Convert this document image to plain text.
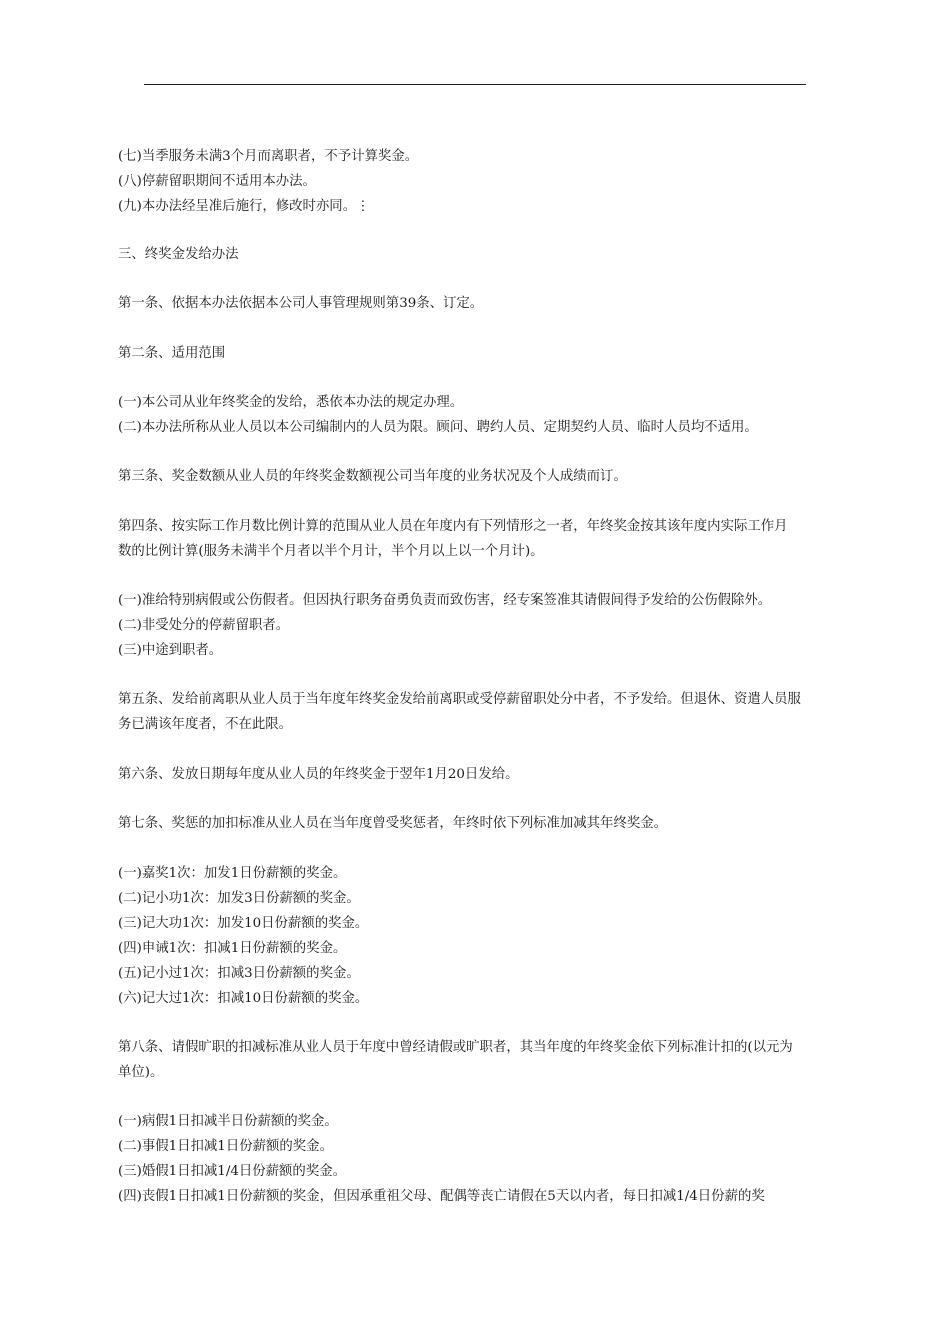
(七)当季服务未满3个月而离职者，不予计算奖金。
(八)停薪留职期间不适用本办法。
(九)本办法经呈准后施行，修改时亦同。⋮
三、终奖金发给办法
第一条、依据本办法依据本公司人事管理规则第39条、订定。
第二条、适用范围
(一)本公司从业年终奖金的发给，悉依本办法的规定办理。
(二)本办法所称从业人员以本公司编制内的人员为限。顾问、聘约人员、定期契约人员、临时人员均不适用。
第三条、奖金数额从业人员的年终奖金数额视公司当年度的业务状况及个人成绩而订。
第四条、按实际工作月数比例计算的范围从业人员在年度内有下列情形之一者，年终奖金按其该年度内实际工作月
数的比例计算(服务未满半个月者以半个月计，半个月以上以一个月计)。
(一)准给特别病假或公伤假者。但因执行职务奋勇负责而致伤害，经专案签准其请假间得予发给的公伤假除外。
(二)非受处分的停薪留职者。
(三)中途到职者。
第五条、发给前离职从业人员于当年度年终奖金发给前离职或受停薪留职处分中者，不予发给。但退休、资遣人员服
务已满该年度者，不在此限。
第六条、发放日期每年度从业人员的年终奖金于翌年1月20日发给。
第七条、奖惩的加扣标准从业人员在当年度曾受奖惩者，年终时依下列标准加减其年终奖金。
(一)嘉奖1次：加发1日份薪额的奖金。
(二)记小功1次：加发3日份薪额的奖金。
(三)记大功1次：加发10日份薪额的奖金。
(四)申诫1次：扣减1日份薪额的奖金。
(五)记小过1次：扣减3日份薪额的奖金。
(六)记大过1次：扣减10日份薪额的奖金。
第八条、请假旷职的扣减标准从业人员于年度中曾经请假或旷职者，其当年度的年终奖金依下列标准计扣的(以元为
单位)。
(一)病假1日扣减半日份薪额的奖金。
(二)事假1日扣减1日份薪额的奖金。
(三)婚假1日扣减1/4日份薪额的奖金。
(四)丧假1日扣减1日份薪额的奖金，但因承重祖父母、配偶等丧亡请假在5天以内者，每日扣减1/4日份薪的奖
